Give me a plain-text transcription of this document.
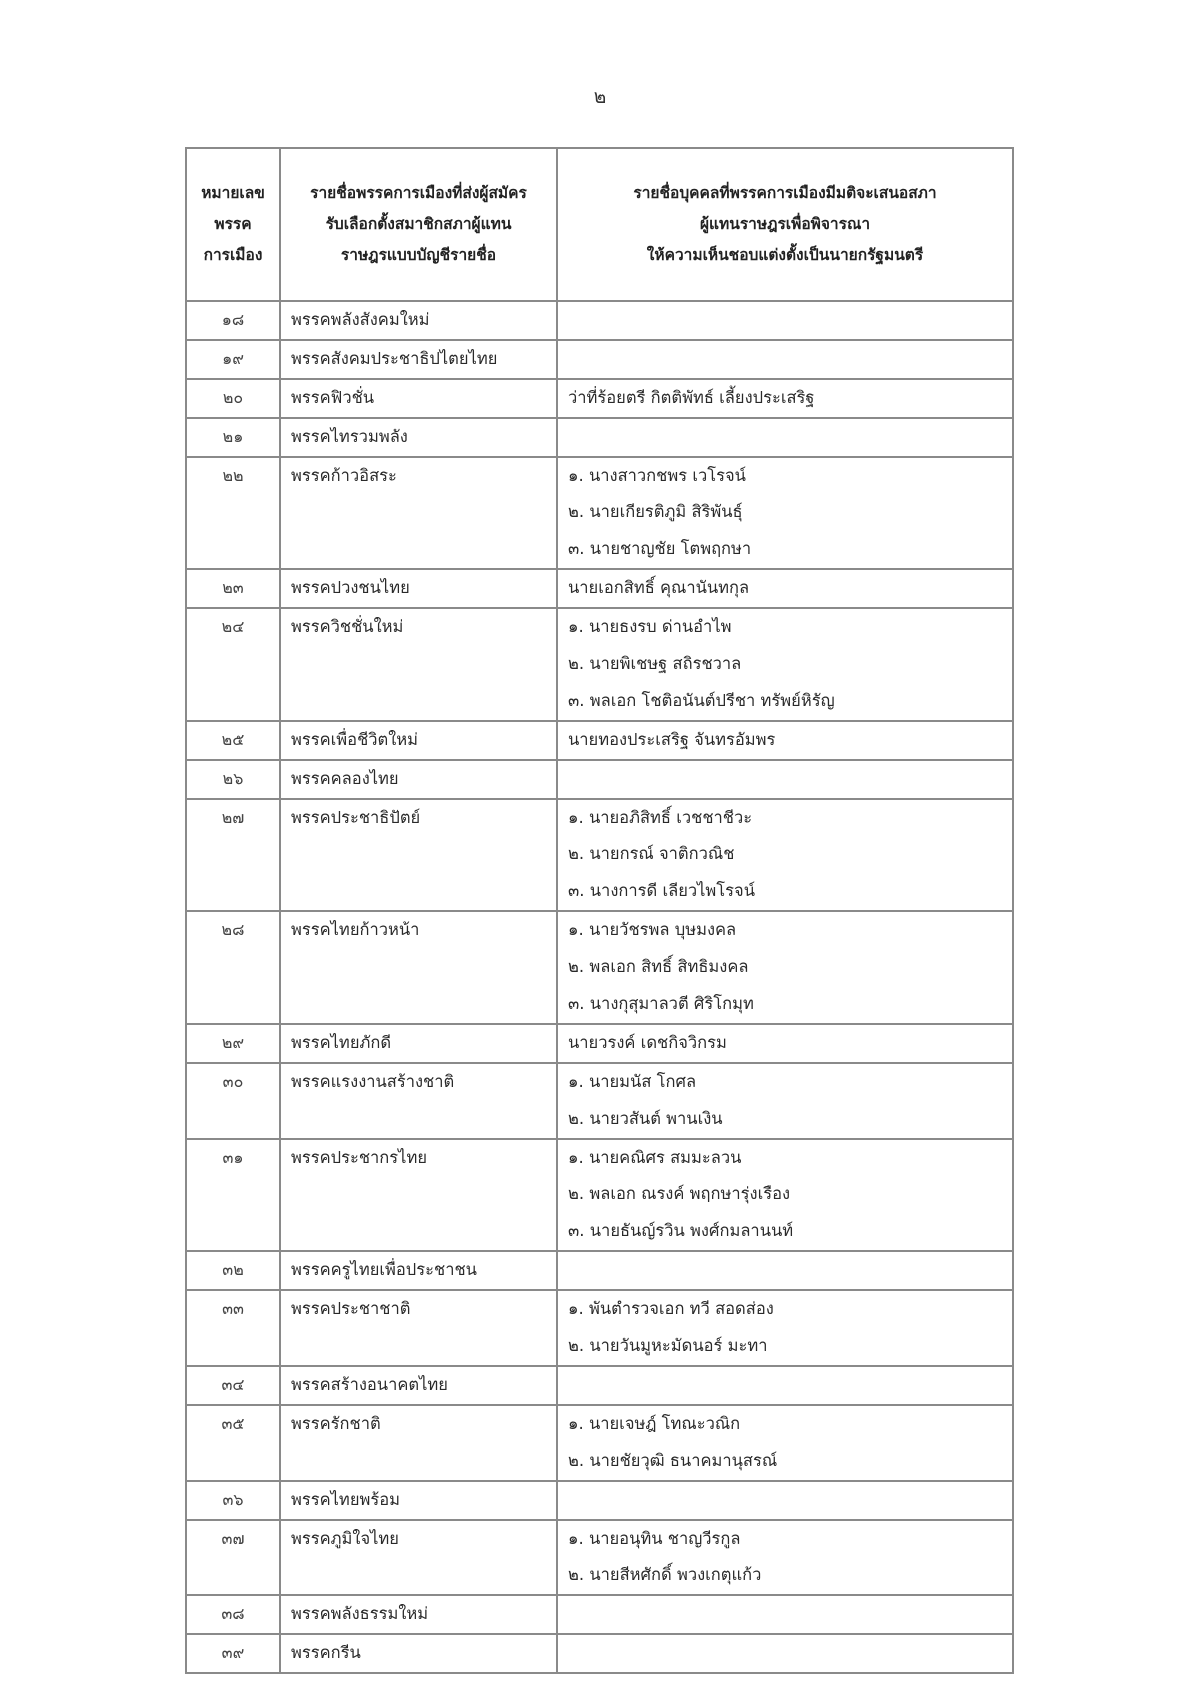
๒
หมายเลข
พรรค
การเมือง	รายชื่อพรรคการเมืองที่ส่งผู้สมัคร
รับเลือกตั้งสมาชิกสภาผู้แทน
ราษฎรแบบบัญชีรายชื่อ	รายชื่อบุคคลที่พรรคการเมืองมีมติจะเสนอสภา
ผู้แทนราษฎรเพื่อพิจารณา
ให้ความเห็นชอบแต่งตั้งเป็นนายกรัฐมนตรี

๑๘	พรรคพลังสังคมใหม่	

๑๙	พรรคสังคมประชาธิปไตยไทย	

๒๐	พรรคฟิวชั่น	ว่าที่ร้อยตรี กิตติพัทธ์ เลี้ยงประเสริฐ

๒๑	พรรคไทรวมพลัง	

๒๒	พรรคก้าวอิสระ	๑. นางสาวกชพร เวโรจน์
๒. นายเกียรติภูมิ สิริพันธุ์
๓. นายชาญชัย โตพฤกษา

๒๓	พรรคปวงชนไทย	นายเอกสิทธิ์ คุณานันทกุล

๒๔	พรรควิชชั่นใหม่	๑. นายธงรบ ด่านอำไพ
๒. นายพิเชษฐ สถิรชวาล
๓. พลเอก โชติอนันต์ปรีชา ทรัพย์หิรัญ

๒๕	พรรคเพื่อชีวิตใหม่	นายทองประเสริฐ จันทรอัมพร

๒๖	พรรคคลองไทย	

๒๗	พรรคประชาธิปัตย์	๑. นายอภิสิทธิ์ เวชชาชีวะ
๒. นายกรณ์ จาติกวณิช
๓. นางการดี เลียวไพโรจน์

๒๘	พรรคไทยก้าวหน้า	๑. นายวัชรพล บุษมงคล
๒. พลเอก สิทธิ์ สิทธิมงคล
๓. นางกุสุมาลวตี ศิริโกมุท

๒๙	พรรคไทยภักดี	นายวรงค์ เดชกิจวิกรม

๓๐	พรรคแรงงานสร้างชาติ	๑. นายมนัส โกศล
๒. นายวสันต์ พานเงิน

๓๑	พรรคประชากรไทย	๑. นายคณิศร สมมะลวน
๒. พลเอก ณรงค์ พฤกษารุ่งเรือง
๓. นายธันญ์รวิน พงศ์กมลานนท์

๓๒	พรรคครูไทยเพื่อประชาชน	

๓๓	พรรคประชาชาติ	๑. พันตำรวจเอก ทวี สอดส่อง
๒. นายวันมูหะมัดนอร์ มะทา

๓๔	พรรคสร้างอนาคตไทย	

๓๕	พรรครักชาติ	๑. นายเจษฎ์ โทณะวณิก
๒. นายชัยวุฒิ ธนาคมานุสรณ์

๓๖	พรรคไทยพร้อม	

๓๗	พรรคภูมิใจไทย	๑. นายอนุทิน ชาญวีรกูล
๒. นายสีหศักดิ์ พวงเกตุแก้ว

๓๘	พรรคพลังธรรมใหม่	

๓๙	พรรคกรีน	
